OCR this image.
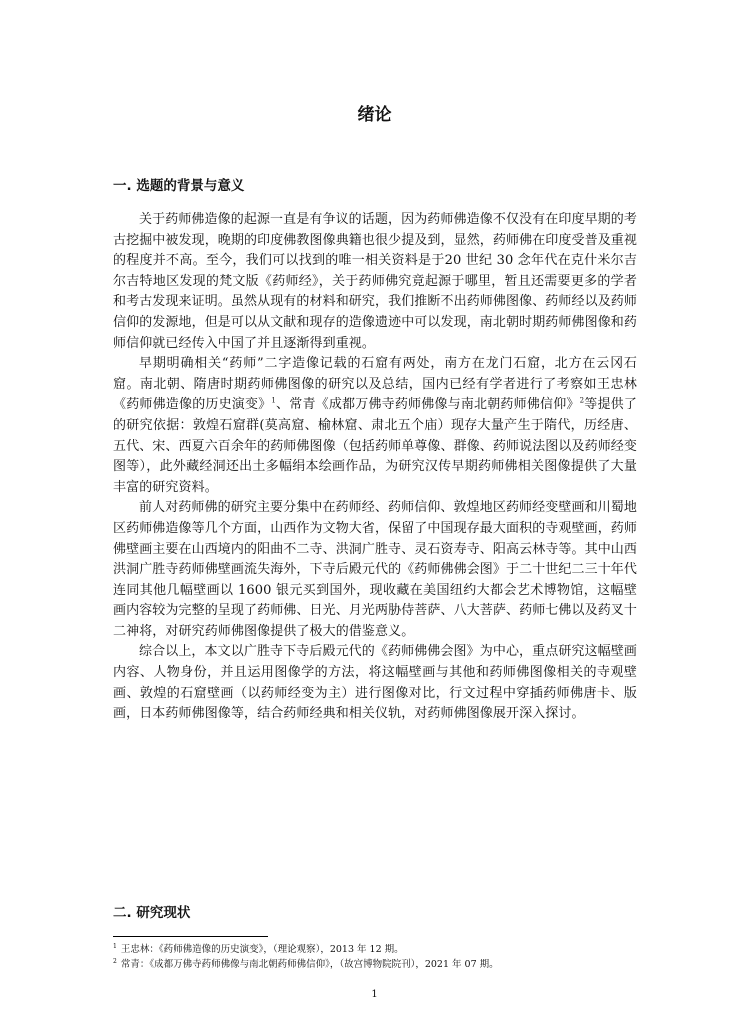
绪论
一. 选题的背景与意义

关于药师佛造像的起源一直是有争议的话题，因为药师佛造像不仅没有在印度早期的考古挖掘中被发现，晚期的印度佛教图像典籍也很少提及到，显然，药师佛在印度受普及重视的程度并不高。至今，我们可以找到的唯一相关资料是于20 世纪 30 念年代在克什米尔吉尔吉特地区发现的梵文版《药师经》，关于药师佛究竟起源于哪里，暂且还需要更多的学者和考古发现来证明。虽然从现有的材料和研究，我们推断不出药师佛图像、药师经以及药师信仰的发源地，但是可以从文献和现存的造像遗迹中可以发现，南北朝时期药师佛图像和药师信仰就已经传入中国了并且逐渐得到重视。

早期明确相关“药师”二字造像记载的石窟有两处，南方在龙门石窟，北方在云冈石窟。南北朝、隋唐时期药师佛图像的研究以及总结，国内已经有学者进行了考察如王忠林《药师佛造像的历史演变》$^1$、常青《成都万佛寺药师佛像与南北朝药师佛信仰》$^2$等提供了的研究依据：敦煌石窟群(莫高窟、榆林窟、肃北五个庙）现存大量产生于隋代，历经唐、五代、宋、西夏六百余年的药师佛图像（包括药师单尊像、群像、药师说法图以及药师经变图等），此外藏经洞还出土多幅绢本绘画作品，为研究汉传早期药师佛相关图像提供了大量丰富的研究资料。

前人对药师佛的研究主要分集中在药师经、药师信仰、敦煌地区药师经变壁画和川蜀地区药师佛造像等几个方面，山西作为文物大省，保留了中国现存最大面积的寺观壁画，药师佛壁画主要在山西境内的阳曲不二寺、洪洞广胜寺、灵石资寿寺、阳高云林寺等。其中山西洪洞广胜寺药师佛壁画流失海外，下寺后殿元代的《药师佛佛会图》于二十世纪二三十年代连同其他几幅壁画以 1600 银元买到国外，现收藏在美国纽约大都会艺术博物馆，这幅壁画内容较为完整的呈现了药师佛、日光、月光两胁侍菩萨、八大菩萨、药师七佛以及药叉十二神将，对研究药师佛图像提供了极大的借鉴意义。

综合以上，本文以广胜寺下寺后殿元代的《药师佛佛会图》为中心，重点研究这幅壁画内容、人物身份，并且运用图像学的方法，将这幅壁画与其他和药师佛图像相关的寺观壁画、敦煌的石窟壁画（以药师经变为主）进行图像对比，行文过程中穿插药师佛唐卡、版画，日本药师佛图像等，结合药师经典和相关仪轨，对药师佛图像展开深入探讨。

二. 研究现状

$^1$ 王忠林：《药师佛造像的历史演变》，（理论观察），2013 年 12 期。

$^2$ 常青：《成都万佛寺药师佛像与南北朝药师佛信仰》，（故宫博物院院刊），2021 年 07 期。

1
